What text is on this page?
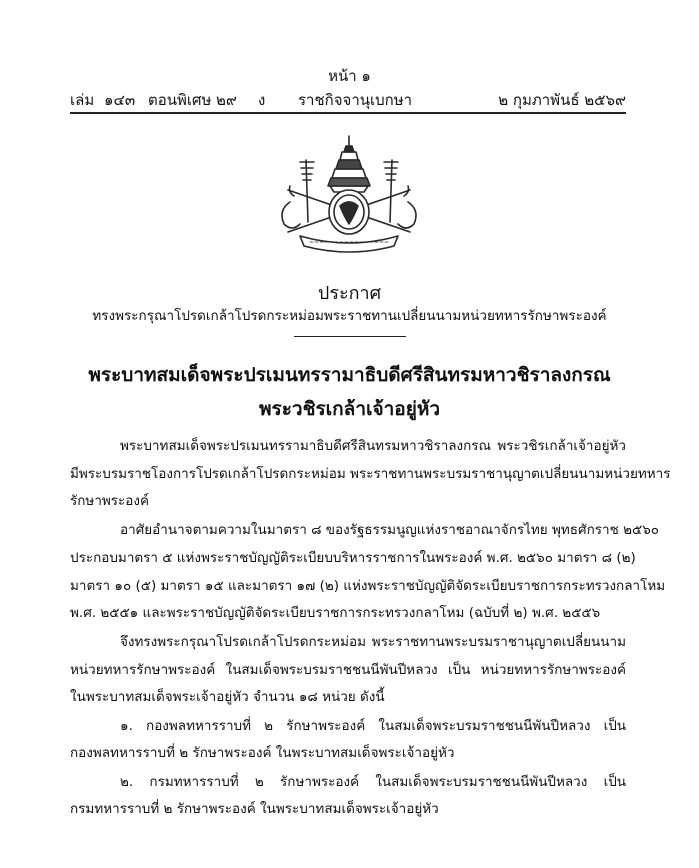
หน้า ๑
เล่ม ๑๔๓ ตอนพิเศษ ๒๙ ง ราชกิจจานุเบกษา	๒ กุมภาพันธ์ ๒๕๖๙
ประกาศ
ทรงพระกรุณาโปรดเกล้าโปรดกระหม่อมพระราชทานเปลี่ยนนามหน่วยทหารรักษาพระองค์
พระบาทสมเด็จพระปรเมนทรรามาธิบดีศรีสินทรมหาวชิราลงกรณ
พระวชิรเกล้าเจ้าอยู่หัว
พระบาทสมเด็จพระปรเมนทรรามาธิบดีศรีสินทรมหาวชิราลงกรณ พระวชิรเกล้าเจ้าอยู่หัว
มีพระบรมราชโองการโปรดเกล้าโปรดกระหม่อม พระราชทานพระบรมราชานุญาตเปลี่ยนนามหน่วยทหาร
รักษาพระองค์
อาศัยอำนาจตามความในมาตรา ๘ ของรัฐธรรมนูญแห่งราชอาณาจักรไทย พุทธศักราช ๒๕๖๐
ประกอบมาตรา ๕ แห่งพระราชบัญญัติระเบียบบริหารราชการในพระองค์ พ.ศ. ๒๕๖๐ มาตรา ๘ (๒)
มาตรา ๑๐ (๕) มาตรา ๑๕ และมาตรา ๑๗ (๒) แห่งพระราชบัญญัติจัดระเบียบราชการกระทรวงกลาโหม
พ.ศ. ๒๕๕๑ และพระราชบัญญัติจัดระเบียบราชการกระทรวงกลาโหม (ฉบับที่ ๒) พ.ศ. ๒๕๕๖
จึงทรงพระกรุณาโปรดเกล้าโปรดกระหม่อม พระราชทานพระบรมราชานุญาตเปลี่ยนนาม
หน่วยทหารรักษาพระองค์ ในสมเด็จพระบรมราชชนนีพันปีหลวง เป็น หน่วยทหารรักษาพระองค์
ในพระบาทสมเด็จพระเจ้าอยู่หัว จำนวน ๑๘ หน่วย ดังนี้
๑. กองพลทหารราบที่ ๒ รักษาพระองค์ ในสมเด็จพระบรมราชชนนีพันปีหลวง เป็น
กองพลทหารราบที่ ๒ รักษาพระองค์ ในพระบาทสมเด็จพระเจ้าอยู่หัว
๒. กรมทหารราบที่ ๒ รักษาพระองค์ ในสมเด็จพระบรมราชชนนีพันปีหลวง เป็น
กรมทหารราบที่ ๒ รักษาพระองค์ ในพระบาทสมเด็จพระเจ้าอยู่หัว
